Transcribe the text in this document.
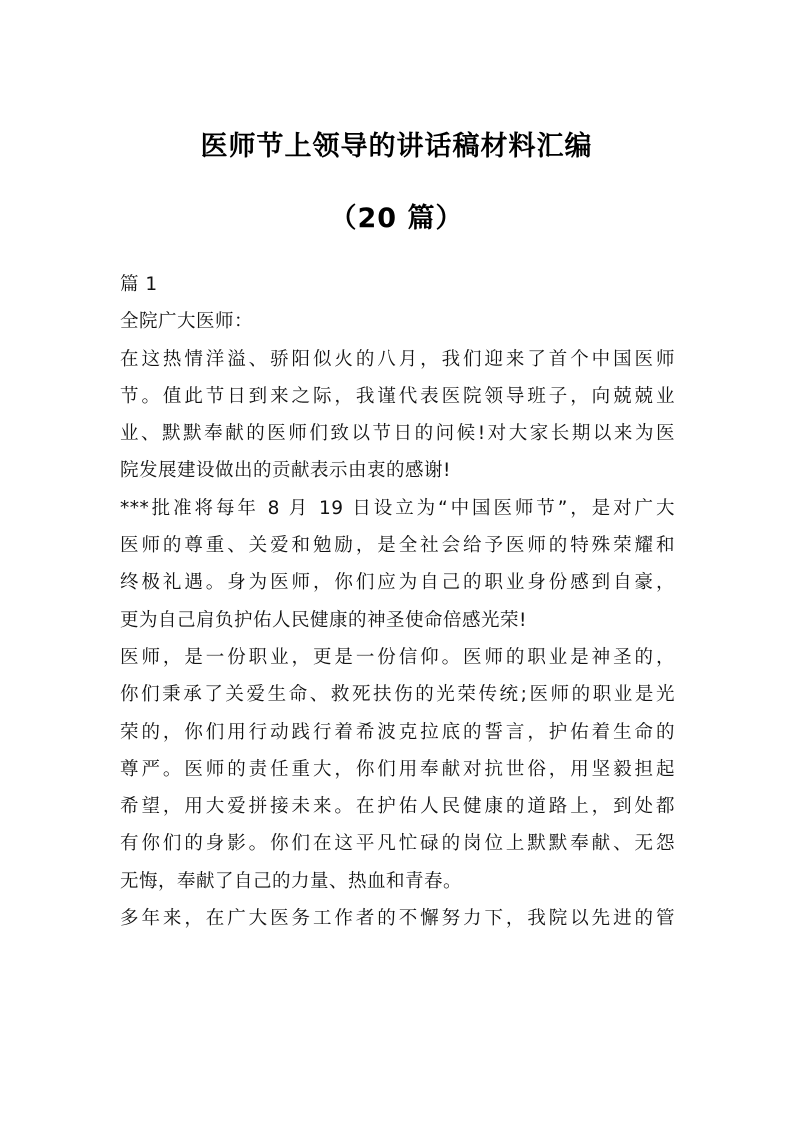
医师节上领导的讲话稿材料汇编
（20 篇）

篇 1

全院广大医师：

在这热情洋溢、骄阳似火的八月，我们迎来了首个中国医师

节。值此节日到来之际，我谨代表医院领导班子，向兢兢业

业、默默奉献的医师们致以节日的问候!对大家长期以来为医

院发展建设做出的贡献表示由衷的感谢!

***批准将每年 8 月 19 日设立为“中国医师节”，是对广大

医师的尊重、关爱和勉励，是全社会给予医师的特殊荣耀和

终极礼遇。身为医师，你们应为自己的职业身份感到自豪，

更为自己肩负护佑人民健康的神圣使命倍感光荣!

医师，是一份职业，更是一份信仰。医师的职业是神圣的，

你们秉承了关爱生命、救死扶伤的光荣传统;医师的职业是光

荣的，你们用行动践行着希波克拉底的誓言，护佑着生命的

尊严。医师的责任重大，你们用奉献对抗世俗，用坚毅担起

希望，用大爱拼接未来。在护佑人民健康的道路上，到处都

有你们的身影。你们在这平凡忙碌的岗位上默默奉献、无怨

无悔，奉献了自己的力量、热血和青春。

多年来，在广大医务工作者的不懈努力下，我院以先进的管
